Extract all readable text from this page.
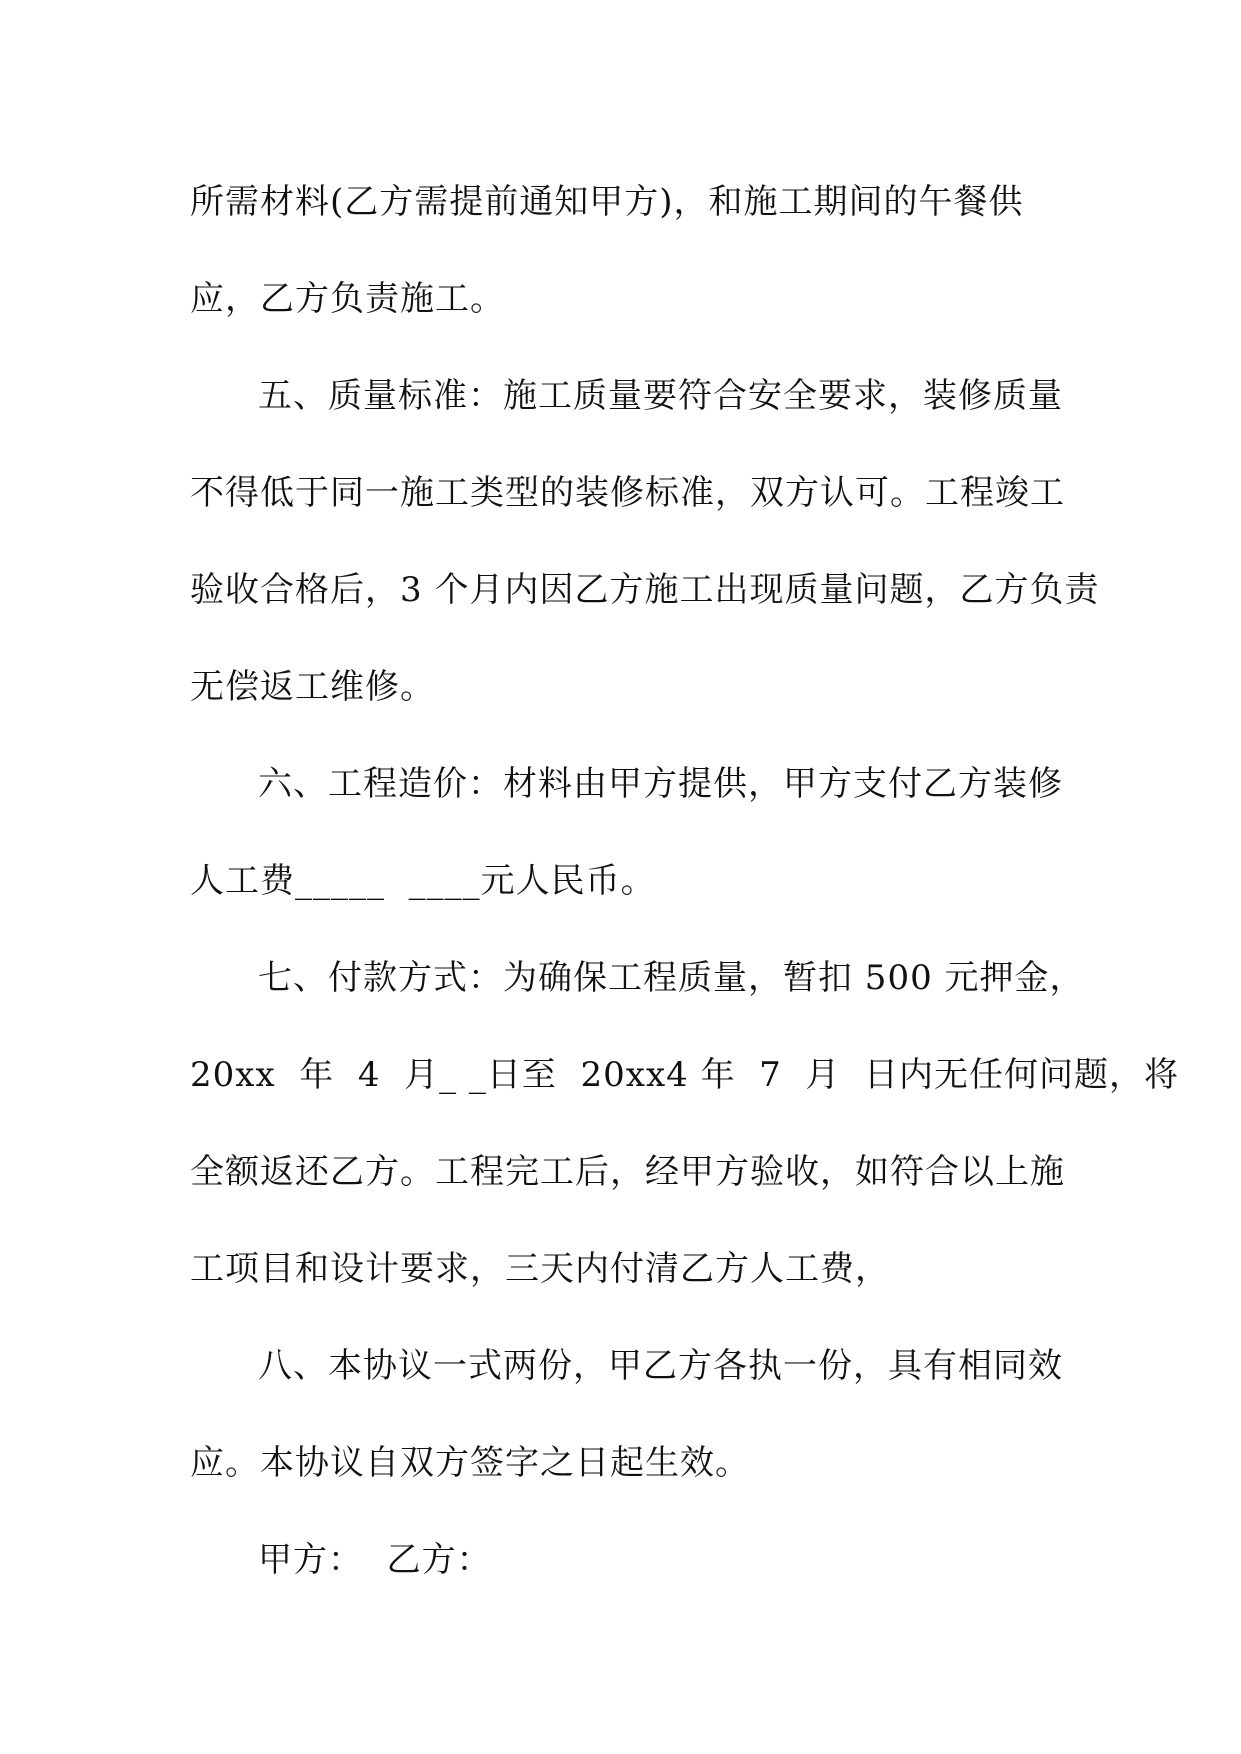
所需材料(乙方需提前通知甲方)，和施工期间的午餐供
应，乙方负责施工。
五、质量标准：施工质量要符合安全要求，装修质量
不得低于同一施工类型的装修标准，双方认可。工程竣工
验收合格后，3 个月内因乙方施工出现质量问题，乙方负责
无偿返工维修。
六、工程造价：材料由甲方提供，甲方支付乙方装修
人工费_____  ____元人民币。
七、付款方式：为确保工程质量，暂扣 500 元押金，
20xx  年  4  月_ _日至  20xx4 年  7  月  日内无任何问题，将
全额返还乙方。工程完工后，经甲方验收，如符合以上施
工项目和设计要求，三天内付清乙方人工费，
八、本协议一式两份，甲乙方各执一份，具有相同效
应。本协议自双方签字之日起生效。
甲方：  乙方：
